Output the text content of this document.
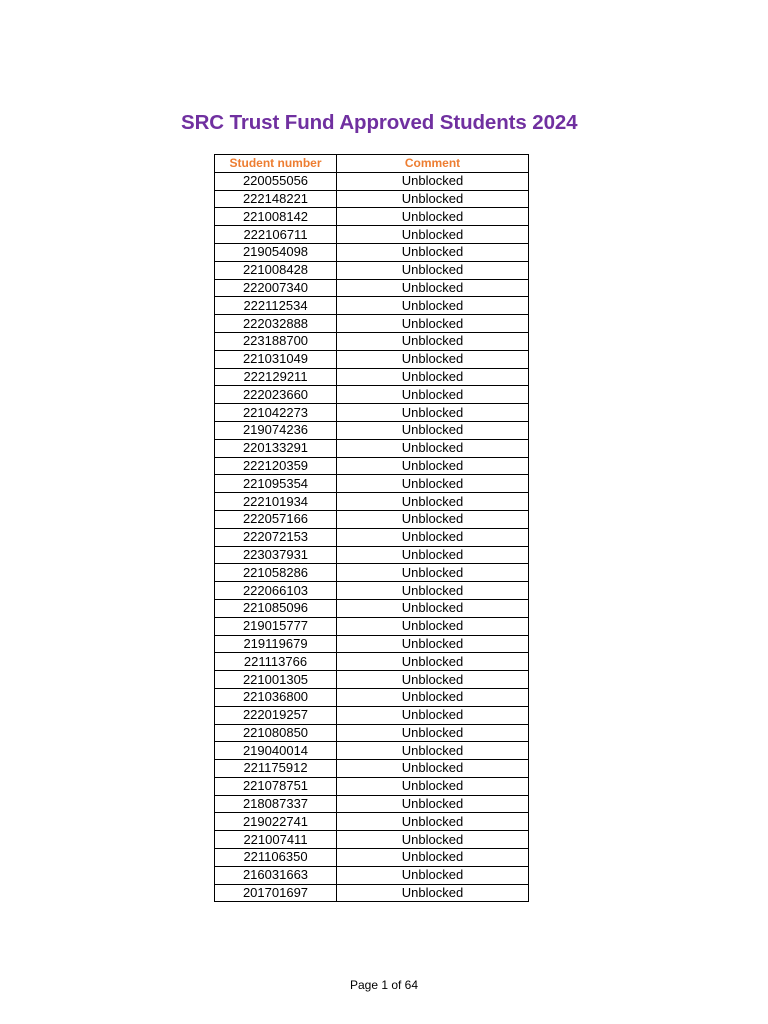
SRC Trust Fund Approved Students 2024
Student number	Comment
220055056	Unblocked
222148221	Unblocked
221008142	Unblocked
222106711	Unblocked
219054098	Unblocked
221008428	Unblocked
222007340	Unblocked
222112534	Unblocked
222032888	Unblocked
223188700	Unblocked
221031049	Unblocked
222129211	Unblocked
222023660	Unblocked
221042273	Unblocked
219074236	Unblocked
220133291	Unblocked
222120359	Unblocked
221095354	Unblocked
222101934	Unblocked
222057166	Unblocked
222072153	Unblocked
223037931	Unblocked
221058286	Unblocked
222066103	Unblocked
221085096	Unblocked
219015777	Unblocked
219119679	Unblocked
221113766	Unblocked
221001305	Unblocked
221036800	Unblocked
222019257	Unblocked
221080850	Unblocked
219040014	Unblocked
221175912	Unblocked
221078751	Unblocked
218087337	Unblocked
219022741	Unblocked
221007411	Unblocked
221106350	Unblocked
216031663	Unblocked
201701697	Unblocked
Page 1 of 64
